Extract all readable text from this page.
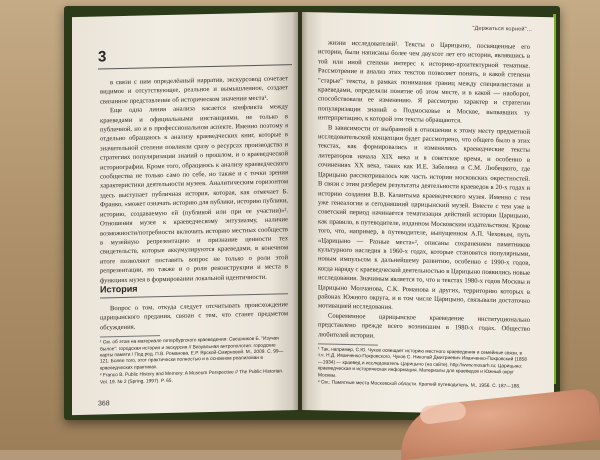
3

в связи с ним определённый нарратив, экскурсовод сочетает видимое и отсутствующее, реальное и вымышленное, создает связанное представление об историческом значении места¹.

Еще одна линия анализа касается конфликта между краеведами и официальными инстанциями, не только в публичной, но и в профессиональном аспекте. Именно поэтому я отдельно обращаюсь к анализу краеведческих книг, которые в значительной степени повлияли сразу о ресурсах производства и стратегиях популяризации знаний о прошлом, и о краеведческой историографии. Кроме того, обращаюсь к анализу краеведческого сообщества не только само по себе, но также и с точки зрения характеристики деятельности музеев. Аналитическим горизонтом здесь выступает публичная история, которая, как отмечает Б. Франко, «может означать историю для публики, историю публики, историю, создаваемую ей (публикой или при ее участии)»². Отношения музея к краеведческому энтузиазму, наличие возможности/потребности включить историю местных сообществ в музейную репрезентацию и признание ценности тех свидетельств, которые аккумулируются краеведами, в конечном итоге позволяют поставить вопрос не только о роли этой репрезентации, но также и о роли реконструкции и места в функциях музея в формировании локальной идентичности.

История

Вопрос о том, откуда следует отсчитывать происхождение царицынского предания, связан с тем, что станет предметом обсуждения.

¹ См. об этом на материале петербургского краеведения: Свешников Б. "Изучая былое": городская история и экскурсия // Визуальная антропология: городские карты памяти / Под ред. П.В. Романова, Е.Р. Ярской-Смирновой. М., 2009. С. 99—121. Более того, этот практически полностью и в основном реализован в краеведческих практиках.
² Franco B. Public History and Memory: A Museum Perspective // The Public Historian. Vol. 19. № 2 (Spring, 1997). P. 65.
368
"Держаться корней"...

жизни исследователей¹. Тексты о Царицыно, посвященные его истории, были написаны более чем двухсот лет его истории, являвшись в той или иной степени интерес к историко-архитектурной тематике. Рассмотрение и анализ этих текстов позволяет понять, в какой степени "старые" тексты, в рамках понимания границ между специалистами и краеведами, определяли понятие об этом месте, и в какой — наоборот, способствовали ее изменению. Я рассмотрю характер и стратегии популяризации знаний о Подмосковье и Москве, вызвавших ту интерпретацию, к которой эти тексты обращаются.

В зависимости от выбранной в отношении к этому месту предметной исследовательской концепции будет рассмотрено, что общего было в этих текстах, как формировались и изменялись краеведческие тексты литераторов начала XIX века и в советское время, и особенно в сочинениях XX века, таких как И.Е. Забелина и С.М. Любецкого, где Царицыно рассматривалось как часть истории московских окрестностей. В связи с этим разберем результаты деятельности краеведов в 20-х годах и историю создания В.В. Калантыма краеведческого музея. Именно с тем уже генеалогии и сегодняшний царицынский музей. Вместе с тем уже в советский период начинается тематизация действий истории Царицыно, как правило, в путеводителе, изданном Московским издательством. Кроме того, что, например, в путеводителе, выпущенном А.П. Чеховым, путь «Царицыно — Разные места»², описаны сохранением памятников культурного наследия в 1960-х годах, которые становятся популярными, новым импульсом к дальнейшему развитию, особенно с 1990-х годов, когда наряду с краеведческой деятельностью в Царицыно появились новые исследования. Значимым является то, что в текстах 1980-х годов Москвы и Царицыно Молчанова, С.К. Романова и других, территорию которых в районах Южного округа, и в том числе Царицыно, связывали достаточно мотивацией исследования.

Современное царицынское краеведение институционально представлено прежде всего возникшим в 1980-х годах. Общество любителей истории.

¹ Так, например, С.Ю. Чуков освещает историю местного краеведения и семейные связи, в т.ч. Н.Д. Иванченко-Покровского, Чуков С. Николай Дмитриевич Иванченко-Покровский (1858—1934) — краевед и исследователь Царицыно (на сайте), http://www.mosarh.ru; Царицыно: краеведческая и историческая информация. Материалы для краеведов и Южный округ Москвы.
² См.: Памятные места Московской области. Краткий путеводитель. М., 1956. С. 187—188.
